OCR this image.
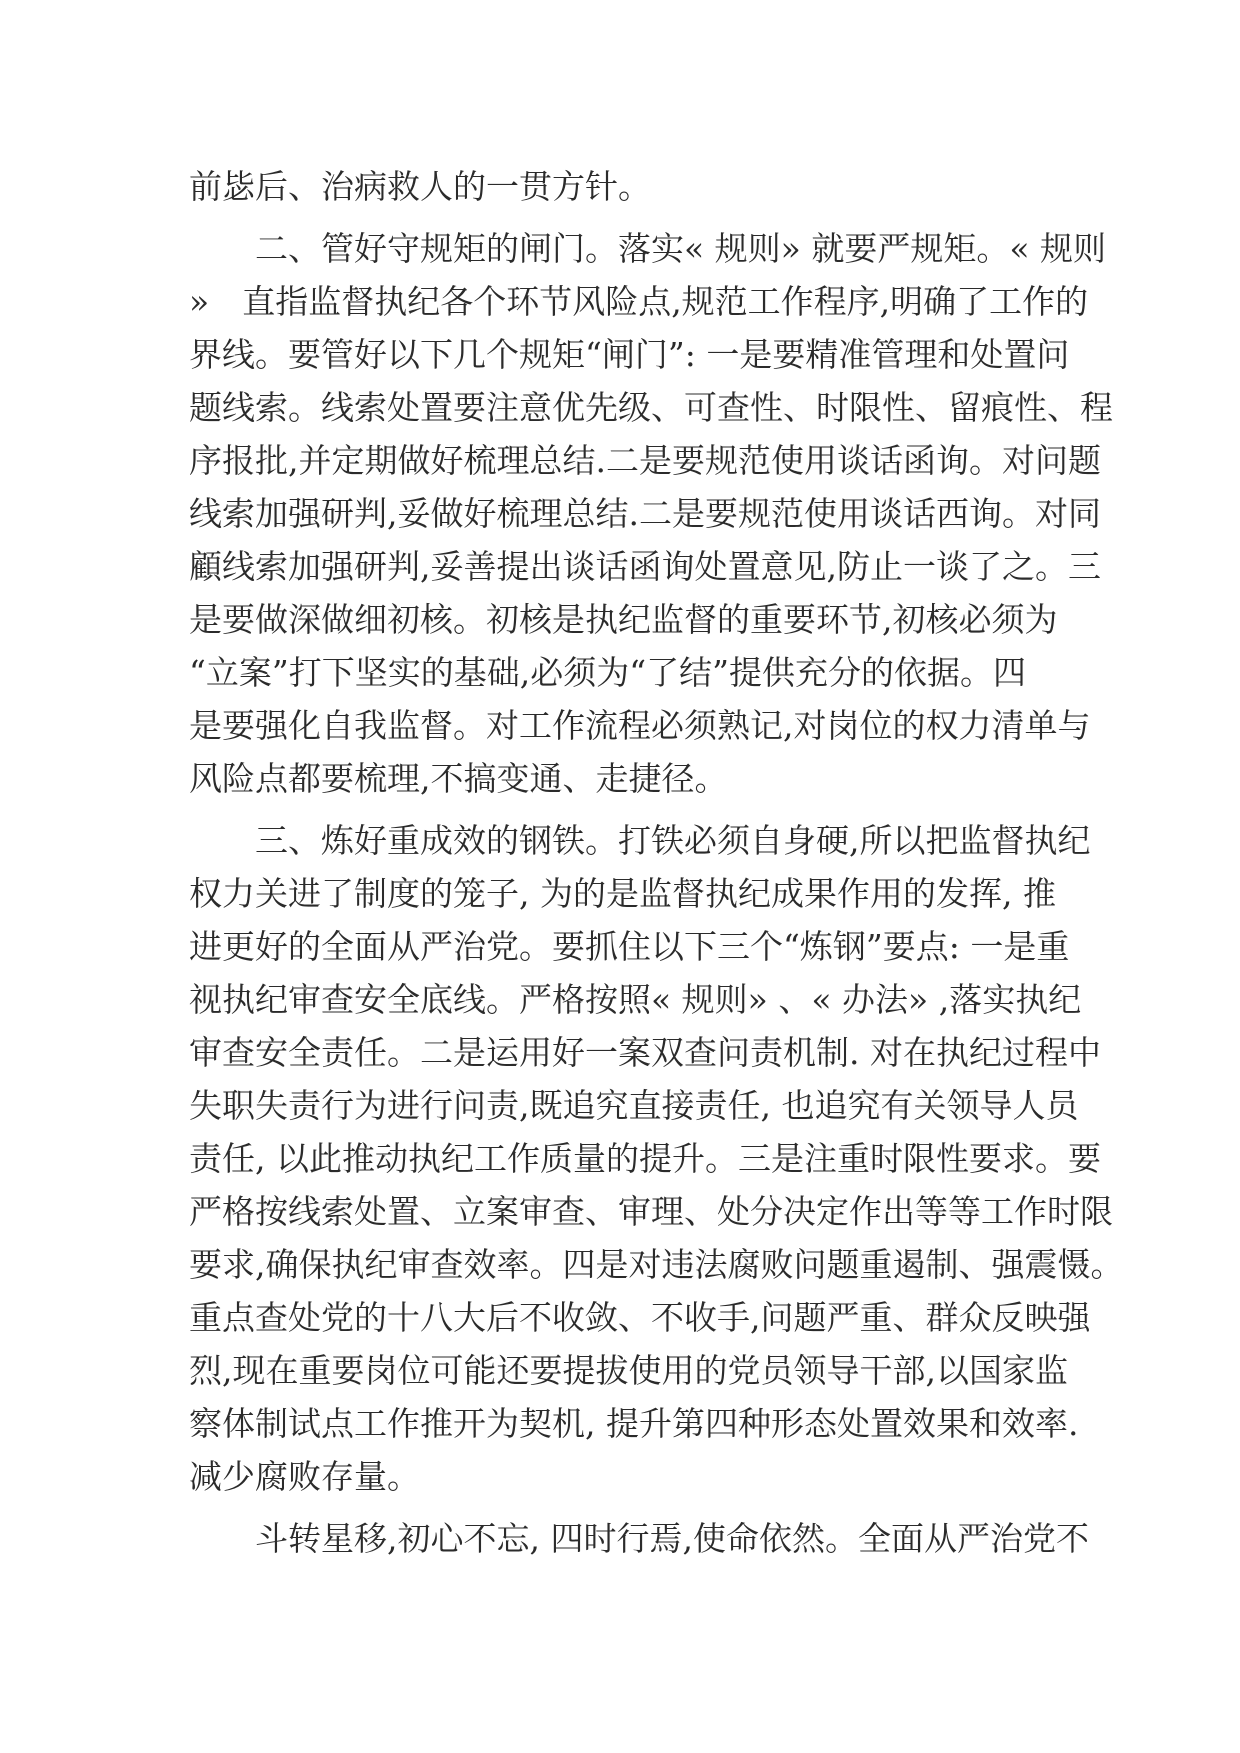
前毖后、治病救人的一贯方针。
　　二、管好守规矩的闸门。落实« 规则» 就要严规矩。« 规则
»　直指监督执纪各个环节风险点,规范工作程序,明确了工作的
界线。要管好以下几个规矩“闸门”: 一是要精准管理和处置问
题线索。线索处置要注意优先级、可查性、时限性、留痕性、程
序报批,并定期做好梳理总结.二是要规范使用谈话函询。对问题
线索加强研判,妥做好梳理总结.二是要规范使用谈话西询。对同
顧线索加强研判,妥善提出谈话函询处置意见,防止一谈了之。三
是要做深做细初核。初核是执纪监督的重要环节,初核必须为
“立案”打下坚实的基础,必须为“了结”提供充分的依据。四
是要强化自我监督。对工作流程必须熟记,对岗位的权力清单与
风险点都要梳理,不搞变通、走捷径。
　　三、炼好重成效的钢铁。打铁必须自身硬,所以把监督执纪
权力关进了制度的笼子, 为的是监督执纪成果作用的发挥, 推
进更好的全面从严治党。要抓住以下三个“炼钢”要点: 一是重
视执纪审查安全底线。严格按照« 规则» 、« 办法» ,落实执纪
审查安全责任。二是运用好一案双查问责机制. 对在执纪过程中
失职失责行为进行问责,既追究直接责任, 也追究有关领导人员
责任, 以此推动执纪工作质量的提升。三是注重时限性要求。要
严格按线索处置、立案审查、审理、处分决定作出等等工作时限
要求,确保执纪审查效率。四是对违法腐败问题重遏制、强震慑。
重点查处党的十八大后不收敛、不收手,问题严重、群众反映强
烈,现在重要岗位可能还要提拔使用的党员领导干部,以国家监
察体制试点工作推开为契机, 提升第四种形态处置效果和效率.
减少腐败存量。
　　斗转星移,初心不忘, 四时行焉,使命依然。全面从严治党不
